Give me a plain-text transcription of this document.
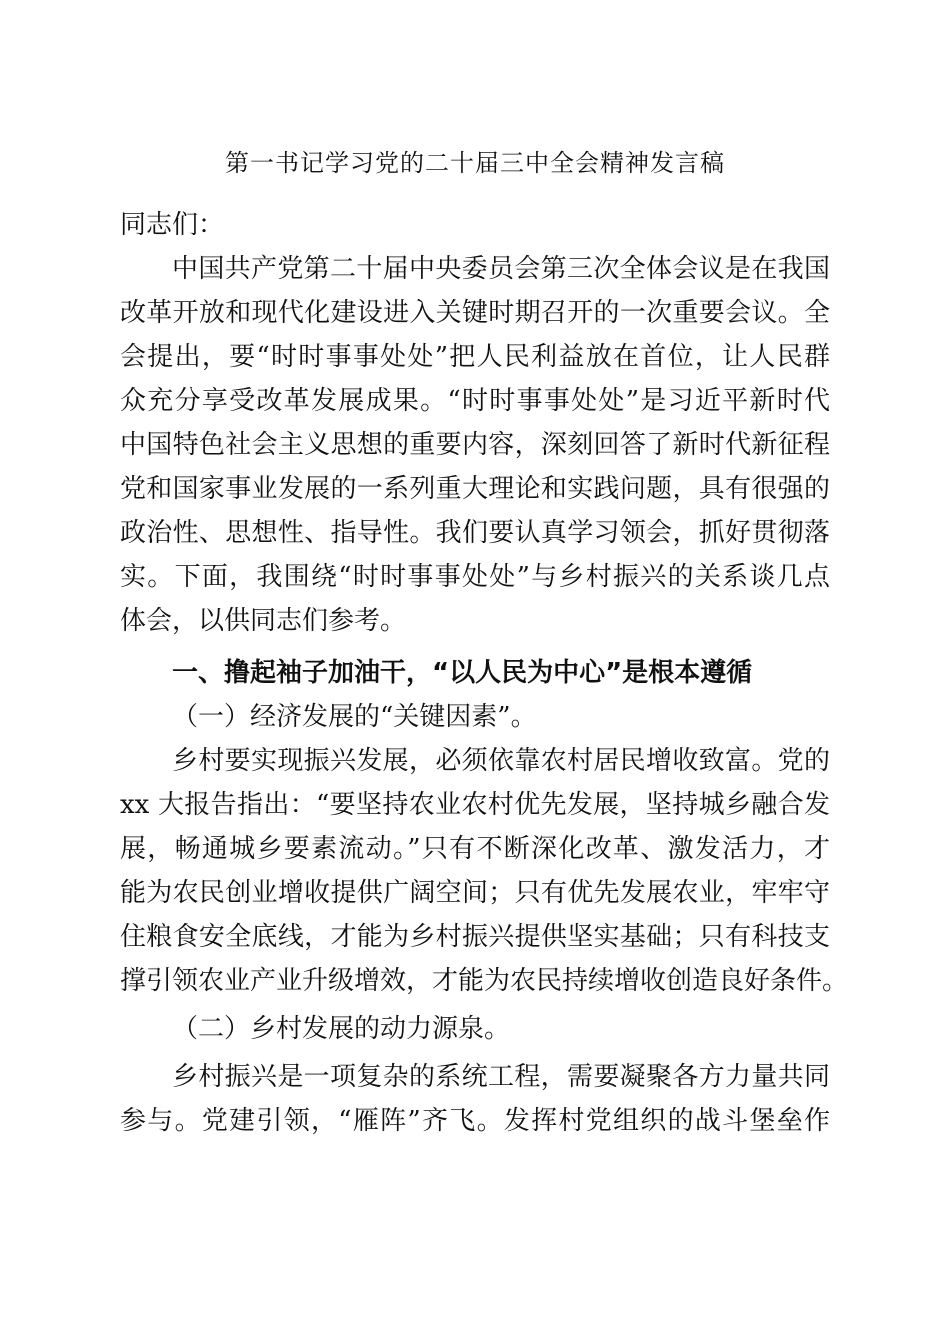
第一书记学习党的二十届三中全会精神发言稿
同志们：
中国共产党第二十届中央委员会第三次全体会议是在我国
改革开放和现代化建设进入关键时期召开的一次重要会议。全
会提出，要“时时事事处处”把人民利益放在首位，让人民群
众充分享受改革发展成果。“时时事事处处”是习近平新时代
中国特色社会主义思想的重要内容，深刻回答了新时代新征程
党和国家事业发展的一系列重大理论和实践问题，具有很强的
政治性、思想性、指导性。我们要认真学习领会，抓好贯彻落
实。下面，我围绕“时时事事处处”与乡村振兴的关系谈几点
体会，以供同志们参考。
一、撸起袖子加油干，“以人民为中心”是根本遵循
（一）经济发展的“关键因素”。
乡村要实现振兴发展，必须依靠农村居民增收致富。党的
xx 大报告指出：“要坚持农业农村优先发展，坚持城乡融合发
展，畅通城乡要素流动。”只有不断深化改革、激发活力，才
能为农民创业增收提供广阔空间；只有优先发展农业，牢牢守
住粮食安全底线，才能为乡村振兴提供坚实基础；只有科技支
撑引领农业产业升级增效，才能为农民持续增收创造良好条件。
（二）乡村发展的动力源泉。
乡村振兴是一项复杂的系统工程，需要凝聚各方力量共同
参与。党建引领，“雁阵”齐飞。发挥村党组织的战斗堡垒作
